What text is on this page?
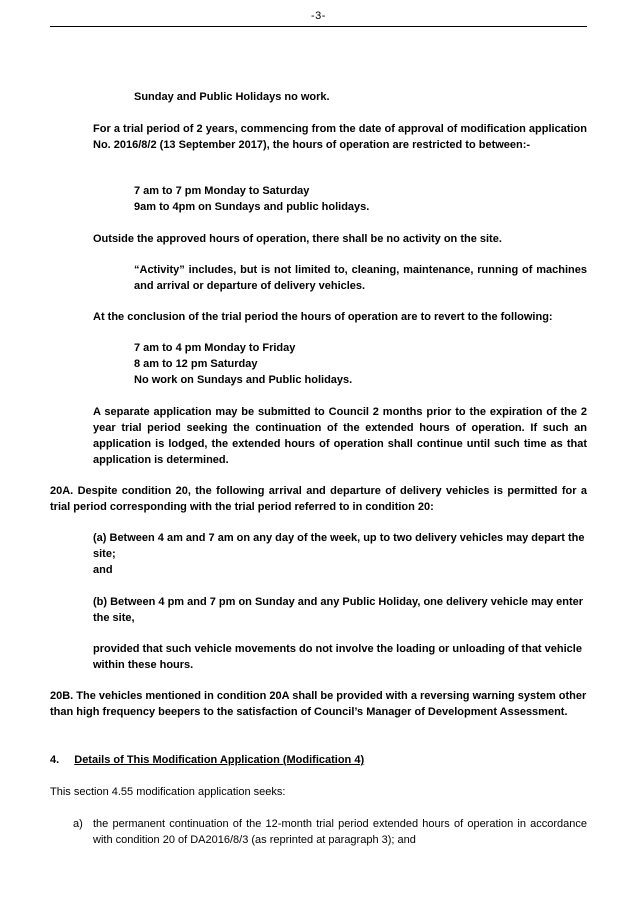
-3-

Sunday and Public Holidays no work.

For a trial period of 2 years, commencing from the date of approval of modification application No. 2016/8/2 (13 September 2017), the hours of operation are restricted to between:-

7 am to 7 pm Monday to Saturday
9am to 4pm on Sundays and public holidays.

Outside the approved hours of operation, there shall be no activity on the site.

“Activity” includes, but is not limited to, cleaning, maintenance, running of machines and arrival or departure of delivery vehicles.

At the conclusion of the trial period the hours of operation are to revert to the following:

7 am to 4 pm Monday to Friday
8 am to 12 pm Saturday
No work on Sundays and Public holidays.

A separate application may be submitted to Council 2 months prior to the expiration of the 2 year trial period seeking the continuation of the extended hours of operation. If such an application is lodged, the extended hours of operation shall continue until such time as that application is determined.

20A. Despite condition 20, the following arrival and departure of delivery vehicles is permitted for a trial period corresponding with the trial period referred to in condition 20:

(a) Between 4 am and 7 am on any day of the week, up to two delivery vehicles may depart the site;

and

(b) Between 4 pm and 7 pm on Sunday and any Public Holiday, one delivery vehicle may enter the site,

provided that such vehicle movements do not involve the loading or unloading of that vehicle within these hours.

20B. The vehicles mentioned in condition 20A shall be provided with a reversing warning system other than high frequency beepers to the satisfaction of Council’s Manager of Development Assessment.

4. Details of This Modification Application (Modification 4)

This section 4.55 modification application seeks:

a) the permanent continuation of the 12-month trial period extended hours of operation in accordance with condition 20 of DA2016/8/3 (as reprinted at paragraph 3); and
